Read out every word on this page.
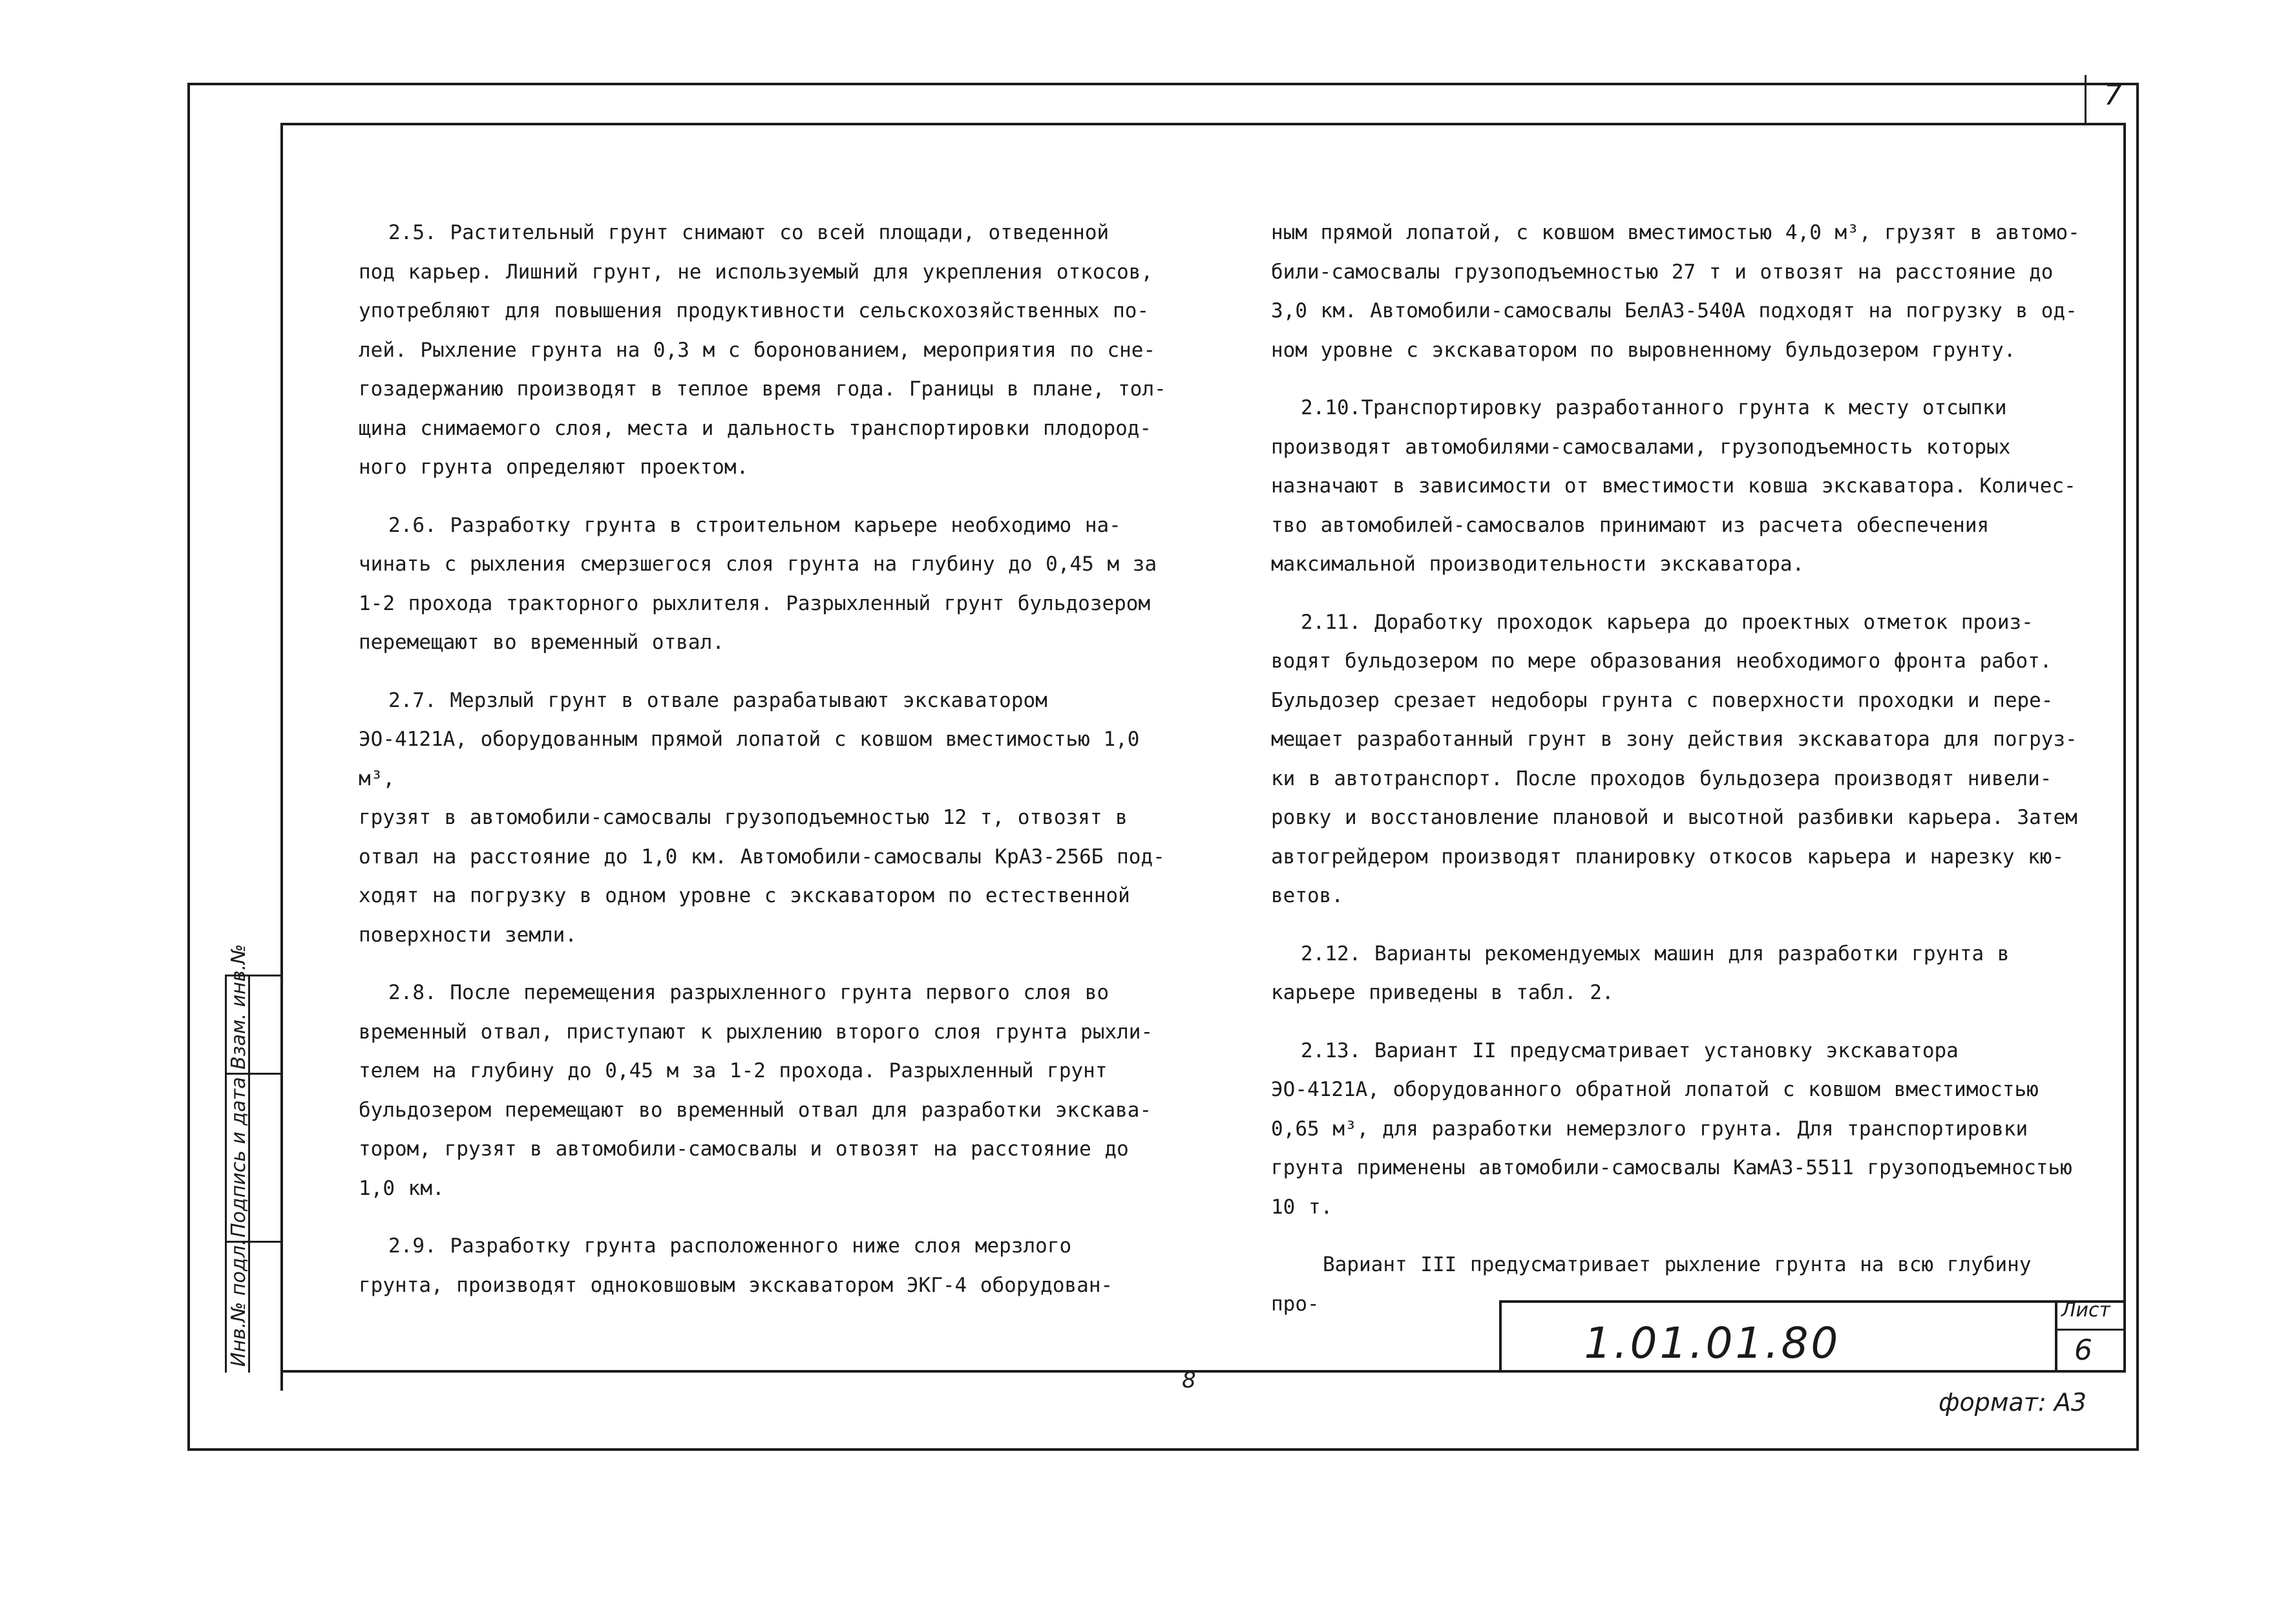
7
Взам. инв.№
Подпись и дата
Инв.№ подл.

2.5. Растительный грунт снимают со всей площади, отведенной
под карьер. Лишний грунт, не используемый для укрепления откосов,
употребляют для повышения продуктивности сельскохозяйственных по-
лей. Рыхление грунта на 0,3 м с боронованием, мероприятия по сне-
гозадержанию производят в теплое время года. Границы в плане, тол-
щина снимаемого слоя, места и дальность транспортировки плодород-
ного грунта определяют проектом.

2.6. Разработку грунта в строительном карьере необходимо на-
чинать с рыхления смерзшегося слоя грунта на глубину до 0,45 м за
1-2 прохода тракторного рыхлителя. Разрыхленный грунт бульдозером
перемещают во временный отвал.

2.7. Мерзлый грунт в отвале разрабатывают экскаватором
ЭО-4121А, оборудованным прямой лопатой с ковшом вместимостью 1,0 м³,
грузят в автомобили-самосвалы грузоподъемностью 12 т, отвозят в
отвал на расстояние до 1,0 км. Автомобили-самосвалы КрАЗ-256Б под-
ходят на погрузку в одном уровне с экскаватором по естественной
поверхности земли.

2.8. После перемещения разрыхленного грунта первого слоя во
временный отвал, приступают к рыхлению второго слоя грунта рыхли-
телем на глубину до 0,45 м за 1-2 прохода. Разрыхленный грунт
бульдозером перемещают во временный отвал для разработки экскава-
тором, грузят в автомобили-самосвалы и отвозят на расстояние до
1,0 км.

2.9. Разработку грунта расположенного ниже слоя мерзлого
грунта, производят одноковшовым экскаватором ЭКГ-4 оборудован-

ным прямой лопатой, с ковшом вместимостью 4,0 м³, грузят в автомо-
били-самосвалы грузоподъемностью 27 т и отвозят на расстояние до
3,0 км. Автомобили-самосвалы БелАЗ-540А подходят на погрузку в од-
ном уровне с экскаватором по выровненному бульдозером грунту.

2.10.Транспортировку разработанного грунта к месту отсыпки
производят автомобилями-самосвалами, грузоподъемность которых
назначают в зависимости от вместимости ковша экскаватора. Количес-
тво автомобилей-самосвалов принимают из расчета обеспечения
максимальной производительности экскаватора.

2.11. Доработку проходок карьера до проектных отметок произ-
водят бульдозером по мере образования необходимого фронта работ.
Бульдозер срезает недоборы грунта с поверхности проходки и пере-
мещает разработанный грунт в зону действия экскаватора для погруз-
ки в автотранспорт. После проходов бульдозера производят нивели-
ровку и восстановление плановой и высотной разбивки карьера. Затем
автогрейдером производят планировку откосов карьера и нарезку кю-
ветов.

2.12. Варианты рекомендуемых машин для разработки грунта в
карьере приведены в табл. 2.

2.13. Вариант II предусматривает установку экскаватора
ЭО-4121А, оборудованного обратной лопатой с ковшом вместимостью
0,65 м³, для разработки немерзлого грунта. Для транспортировки
грунта применены автомобили-самосвалы КамАЗ-5511 грузоподъемностью
10 т.

Вариант III предусматривает рыхление грунта на всю глубину про-

1.01.01.80
Лист
6
8
формат: А3
